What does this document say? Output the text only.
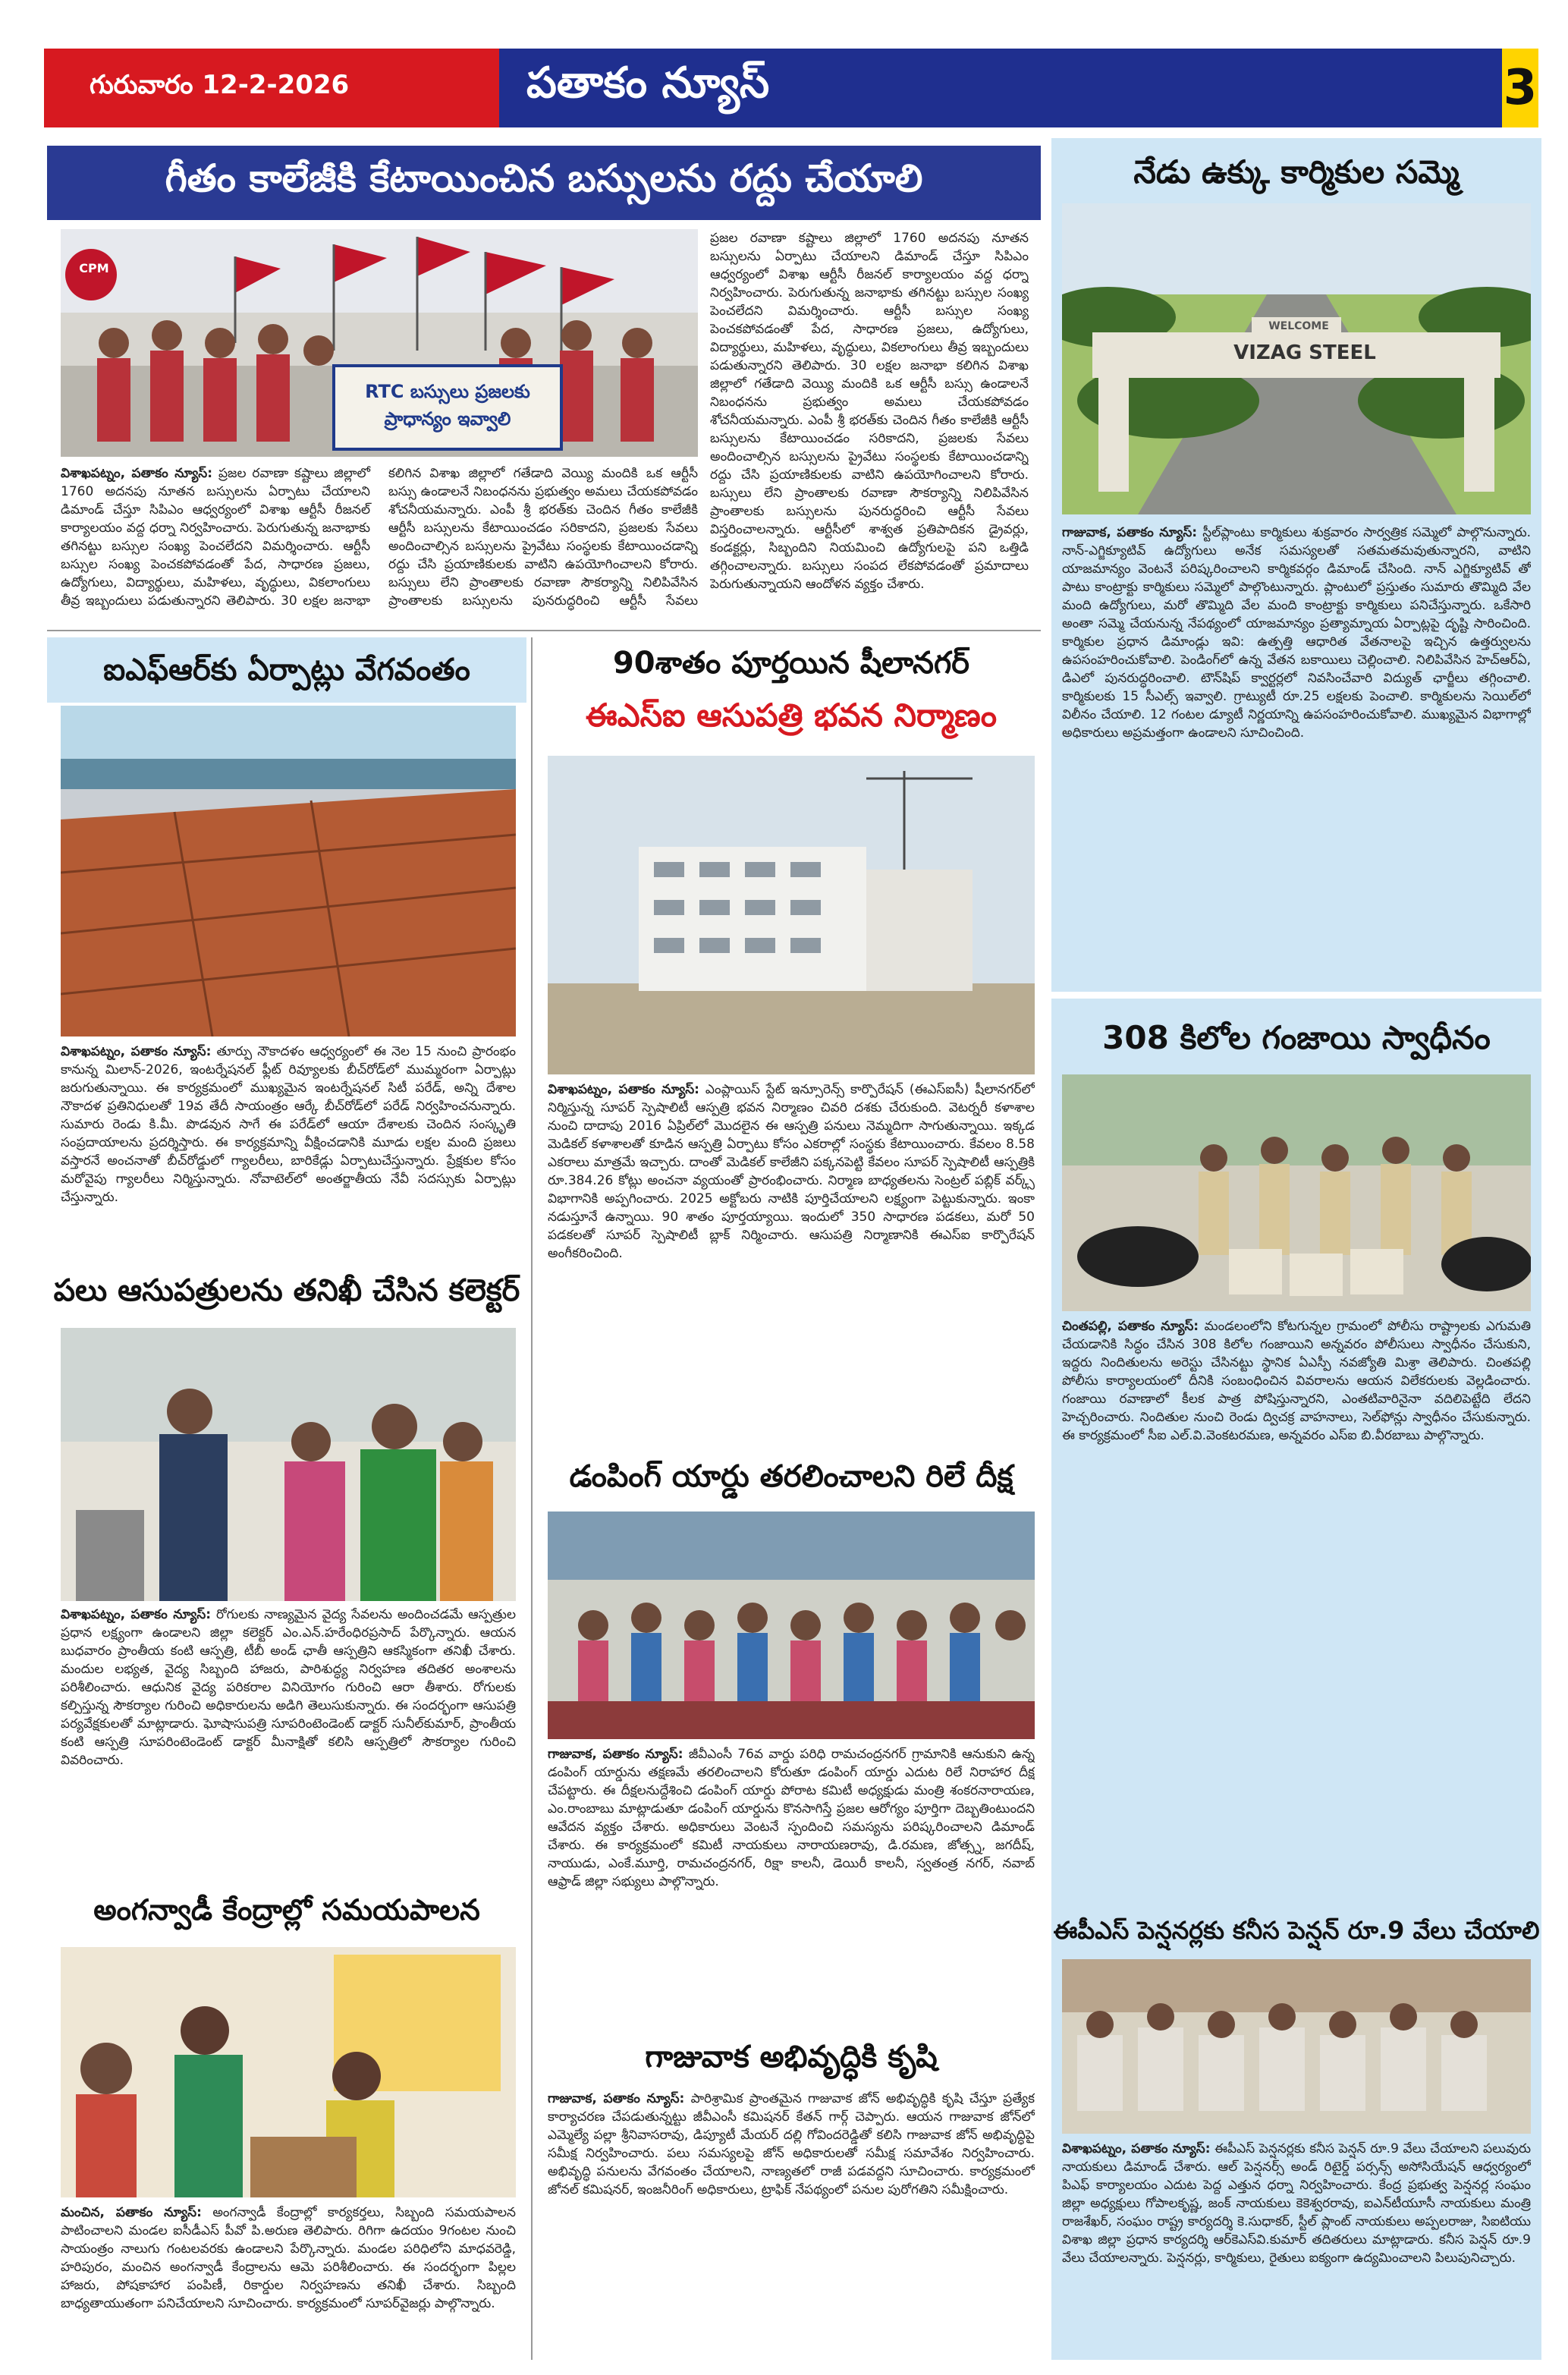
గురువారం 12-2-2026	పతాకం న్యూస్	3
గీతం కాలేజీకి కేటాయించిన బస్సులను రద్దు చేయాలి
CPM
RTC బస్సులు ప్రజలకు ప్రాధాన్యం ఇవ్వాలి
విశాఖపట్నం, పతాకం న్యూస్: ప్రజల రవాణా కష్టాలు జిల్లాలో 1760 అదనపు నూతన బస్సులను ఏర్పాటు చేయాలని డిమాండ్ చేస్తూ సిపిఎం ఆధ్వర్యంలో విశాఖ ఆర్టీసీ రీజనల్ కార్యాలయం వద్ద ధర్నా నిర్వహించారు. పెరుగుతున్న జనాభాకు తగినట్టు బస్సుల సంఖ్య పెంచలేదని విమర్శించారు. ఆర్టీసీ బస్సుల సంఖ్య పెంచకపోవడంతో పేద, సాధారణ ప్రజలు, ఉద్యోగులు, విద్యార్థులు, మహిళలు, వృద్ధులు, వికలాంగులు తీవ్ర ఇబ్బందులు పడుతున్నారని తెలిపారు. 30 లక్షల జనాభా కలిగిన విశాఖ జిల్లాలో గతేడాది వెయ్యి మందికి ఒక ఆర్టీసీ బస్సు ఉండాలనే నిబంధనను ప్రభుత్వం అమలు చేయకపోవడం శోచనీయమన్నారు. ఎంపీ శ్రీ భరత్‌కు చెందిన గీతం కాలేజీకి ఆర్టీసీ బస్సులను కేటాయించడం సరికాదని, ప్రజలకు సేవలు అందించాల్సిన బస్సులను ప్రైవేటు సంస్థలకు కేటాయించడాన్ని రద్దు చేసి ప్రయాణికులకు వాటిని ఉపయోగించాలని కోరారు. బస్సులు లేని ప్రాంతాలకు రవాణా సౌకర్యాన్ని నిలిపివేసిన ప్రాంతాలకు బస్సులను పునరుద్ధరించి ఆర్టీసీ సేవలు
ప్రజల రవాణా కష్టాలు జిల్లాలో 1760 అదనపు నూతన బస్సులను ఏర్పాటు చేయాలని డిమాండ్ చేస్తూ సిపిఎం ఆధ్వర్యంలో విశాఖ ఆర్టీసీ రీజనల్ కార్యాలయం వద్ద ధర్నా నిర్వహించారు. పెరుగుతున్న జనాభాకు తగినట్టు బస్సుల సంఖ్య పెంచలేదని విమర్శించారు. ఆర్టీసీ బస్సుల సంఖ్య పెంచకపోవడంతో పేద, సాధారణ ప్రజలు, ఉద్యోగులు, విద్యార్థులు, మహిళలు, వృద్ధులు, వికలాంగులు తీవ్ర ఇబ్బందులు పడుతున్నారని తెలిపారు. 30 లక్షల జనాభా కలిగిన విశాఖ జిల్లాలో గతేడాది వెయ్యి మందికి ఒక ఆర్టీసీ బస్సు ఉండాలనే నిబంధనను ప్రభుత్వం అమలు చేయకపోవడం శోచనీయమన్నారు. ఎంపీ శ్రీ భరత్‌కు చెందిన గీతం కాలేజీకి ఆర్టీసీ బస్సులను కేటాయించడం సరికాదని, ప్రజలకు సేవలు అందించాల్సిన బస్సులను ప్రైవేటు సంస్థలకు కేటాయించడాన్ని రద్దు చేసి ప్రయాణికులకు వాటిని ఉపయోగించాలని కోరారు. బస్సులు లేని ప్రాంతాలకు రవాణా సౌకర్యాన్ని నిలిపివేసిన ప్రాంతాలకు బస్సులను పునరుద్ధరించి ఆర్టీసీ సేవలు విస్తరించాలన్నారు. ఆర్టీసీలో శాశ్వత ప్రతిపాదికన డ్రైవర్లు, కండక్టర్లు, సిబ్బందిని నియమించి ఉద్యోగులపై పని ఒత్తిడి తగ్గించాలన్నారు. బస్సులు సంపద లేకపోవడంతో ప్రమాదాలు పెరుగుతున్నాయని ఆందోళన వ్యక్తం చేశారు.
నేడు ఉక్కు కార్మికుల సమ్మె
WELCOME
VIZAG STEEL
గాజువాక, పతాకం న్యూస్: స్టీల్‌ప్లాంటు కార్మికులు శుక్రవారం సార్వత్రిక సమ్మెలో పాల్గొనున్నారు. నాన్-ఎగ్జిక్యూటివ్ ఉద్యోగులు అనేక సమస్యలతో సతమతమవుతున్నారని, వాటిని యాజమాన్యం వెంటనే పరిష్కరించాలని కార్మికవర్గం డిమాండ్ చేసింది. నాన్ ఎగ్జిక్యూటివ్ తో పాటు కాంట్రాక్టు కార్మికులు సమ్మెలో పాల్గొంటున్నారు. ప్లాంటులో ప్రస్తుతం సుమారు తొమ్మిది వేల మంది ఉద్యోగులు, మరో తొమ్మిది వేల మంది కాంట్రాక్టు కార్మికులు పనిచేస్తున్నారు. ఒకేసారి అంతా సమ్మె చేయనున్న నేపథ్యంలో యాజమాన్యం ప్రత్యామ్నాయ ఏర్పాట్లపై దృష్టి సారించింది. కార్మికుల ప్రధాన డిమాండ్లు ఇవి: ఉత్పత్తి ఆధారిత వేతనాలపై ఇచ్చిన ఉత్తర్వులను ఉపసంహరించుకోవాలి. పెండింగ్‌లో ఉన్న వేతన బకాయిలు చెల్లించాలి. నిలిపివేసిన హెచ్‌ఆర్ఏ, డిఎలో పునరుద్ధరించాలి. టౌన్‌షిప్ క్వార్టర్లలో నివసించేవారి విద్యుత్ ఛార్జీలు తగ్గించాలి. కార్మికులకు 15 సీఎల్స్ ఇవ్వాలి. గ్రాట్యుటీ రూ.25 లక్షలకు పెంచాలి. కార్మికులను సెయిల్‌లో విలీనం చేయాలి. 12 గంటల డ్యూటీ నిర్ణయాన్ని ఉపసంహరించుకోవాలి. ముఖ్యమైన విభాగాల్లో అధికారులు అప్రమత్తంగా ఉండాలని సూచించింది.
ఐఎఫ్ఆర్‌కు ఏర్పాట్లు వేగవంతం
విశాఖపట్నం, పతాకం న్యూస్: తూర్పు నౌకాదళం ఆధ్వర్యంలో ఈ నెల 15 నుంచి ప్రారంభం కానున్న మిలాన్-2026, ఇంటర్నేషనల్ ఫ్లీట్ రివ్యూలకు బీచ్‌రోడ్‌లో ముమ్మరంగా ఏర్పాట్లు జరుగుతున్నాయి. ఈ కార్యక్రమంలో ముఖ్యమైన ఇంటర్నేషనల్ సిటీ పరేడ్, అన్ని దేశాల నౌకాదళ ప్రతినిధులతో 19వ తేదీ సాయంత్రం ఆర్కే బీచ్‌రోడ్‌లో పరేడ్ నిర్వహించనున్నారు. సుమారు రెండు కి.మీ. పొడవున సాగే ఈ పరేడ్‌లో ఆయా దేశాలకు చెందిన సంస్కృతి సంప్రదాయాలను ప్రదర్శిస్తారు. ఈ కార్యక్రమాన్ని వీక్షించడానికి మూడు లక్షల మంది ప్రజలు వస్తారనే అంచనాతో బీచ్‌రోడ్డులో గ్యాలరీలు, బారికేడ్లు ఏర్పాటుచేస్తున్నారు. ప్రేక్షకుల కోసం మరోవైపు గ్యాలరీలు నిర్మిస్తున్నారు. నోవాటెల్‌లో అంతర్జాతీయ నేవీ సదస్సుకు ఏర్పాట్లు చేస్తున్నారు.
పలు ఆసుపత్రులను తనిఖీ చేసిన కలెక్టర్
విశాఖపట్నం, పతాకం న్యూస్: రోగులకు నాణ్యమైన వైద్య సేవలను అందించడమే ఆస్పత్రుల ప్రధాన లక్ష్యంగా ఉండాలని జిల్లా కలెక్టర్ ఎం.ఎన్.హరేంధిరప్రసాద్ పేర్కొన్నారు. ఆయన బుధవారం ప్రాంతీయ కంటి ఆస్పత్రి, టీబీ అండ్ ఛాతీ ఆస్పత్రిని ఆకస్మికంగా తనిఖీ చేశారు. మందుల లభ్యత, వైద్య సిబ్బంది హాజరు, పారిశుద్ధ్య నిర్వహణ తదితర అంశాలను పరిశీలించారు. ఆధునిక వైద్య పరికరాల వినియోగం గురించి ఆరా తీశారు. రోగులకు కల్పిస్తున్న సౌకర్యాల గురించి అధికారులను అడిగి తెలుసుకున్నారు. ఈ సందర్భంగా ఆసుపత్రి పర్యవేక్షకులతో మాట్లాడారు. ఘోషాసుపత్రి సూపరింటెండెంట్ డాక్టర్ సునీల్‌కుమార్, ప్రాంతీయ కంటి ఆస్పత్రి సూపరింటెండెంట్ డాక్టర్ మీనాక్షితో కలిసి ఆస్పత్రిలో సౌకర్యాల గురించి వివరించారు.
అంగన్వాడీ కేంద్రాల్లో సమయపాలన
మంచిన, పతాకం న్యూస్: అంగన్వాడీ కేంద్రాల్లో కార్యకర్తలు, సిబ్బంది సమయపాలన పాటించాలని మండల ఐసీడీఎస్ పీవో పి.అరుణ తెలిపారు. రిగిగా ఉదయం 9గంటల నుంచి సాయంత్రం నాలుగు గంటలవరకు ఉండాలని పేర్కొన్నారు. మండల పరిధిలోని మాధవరెడ్డి, హరిపురం, మంచిన అంగన్వాడీ కేంద్రాలను ఆమె పరిశీలించారు. ఈ సందర్భంగా పిల్లల హాజరు, పోషకాహార పంపిణీ, రికార్డుల నిర్వహణను తనిఖీ చేశారు. సిబ్బంది బాధ్యతాయుతంగా పనిచేయాలని సూచించారు. కార్యక్రమంలో సూపర్‌వైజర్లు పాల్గొన్నారు.
90శాతం పూర్తయిన షీలానగర్
ఈఎస్ఐ ఆసుపత్రి భవన నిర్మాణం
విశాఖపట్నం, పతాకం న్యూస్: ఎంప్లాయిస్ స్టేట్ ఇన్సూరెన్స్ కార్పొరేషన్ (ఈఎస్ఐసీ) షీలానగర్‌లో నిర్మిస్తున్న సూపర్ స్పెషాలిటీ ఆస్పత్రి భవన నిర్మాణం చివరి దశకు చేరుకుంది. వెటర్నరీ కళాశాల నుంచి దాదాపు 2016 ఏప్రిల్‌లో మొదలైన ఈ ఆస్పత్రి పనులు నెమ్మదిగా సాగుతున్నాయి. ఇక్కడ మెడికల్ కళాశాలతో కూడిన ఆస్పత్రి ఏర్పాటు కోసం ఎకరాల్లో సంస్థకు కేటాయించారు. కేవలం 8.58 ఎకరాలు మాత్రమే ఇచ్చారు. దాంతో మెడికల్ కాలేజీని పక్కనపెట్టి కేవలం సూపర్ స్పెషాలిటీ ఆస్పత్రికి రూ.384.26 కోట్లు అంచనా వ్యయంతో ప్రారంభించారు. నిర్మాణ బాధ్యతలను సెంట్రల్ పబ్లిక్ వర్క్స్ విభాగానికి అప్పగించారు. 2025 అక్టోబరు నాటికి పూర్తిచేయాలని లక్ష్యంగా పెట్టుకున్నారు. ఇంకా నడుస్తూనే ఉన్నాయి. 90 శాతం పూర్తయ్యాయి. ఇందులో 350 సాధారణ పడకలు, మరో 50 పడకలతో సూపర్ స్పెషాలిటీ బ్లాక్ నిర్మించారు. ఆసుపత్రి నిర్మాణానికి ఈఎస్ఐ కార్పొరేషన్ అంగీకరించింది.
డంపింగ్ యార్డు తరలించాలని రిలే దీక్ష
గాజువాక, పతాకం న్యూస్: జీవీఎంసీ 76వ వార్డు పరిధి రామచంద్రనగర్ గ్రామానికి ఆనుకుని ఉన్న డంపింగ్ యార్డును తక్షణమే తరలించాలని కోరుతూ డంపింగ్ యార్డు ఎదుట రిలే నిరాహార దీక్ష చేపట్టారు. ఈ దీక్షలనుద్దేశించి డంపింగ్ యార్డు పోరాట కమిటీ అధ్యక్షుడు మంత్రి శంకరనారాయణ, ఎం.రాంబాబు మాట్లాడుతూ డంపింగ్ యార్డును కొనసాగిస్తే ప్రజల ఆరోగ్యం పూర్తిగా దెబ్బతింటుందని ఆవేదన వ్యక్తం చేశారు. అధికారులు వెంటనే స్పందించి సమస్యను పరిష్కరించాలని డిమాండ్ చేశారు. ఈ కార్యక్రమంలో కమిటీ నాయకులు నారాయణరావు, డి.రమణ, జోత్స్న, జగదీష్, నాయుడు, ఎంకే.మూర్తి, రామచంద్రనగర్, రిక్షా కాలనీ, డెయిరీ కాలనీ, స్వతంత్ర నగర్, నవాబ్ ఆఫ్రాడ్ జిల్లా సభ్యులు పాల్గొన్నారు.
గాజువాక అభివృద్ధికి కృషి
గాజువాక, పతాకం న్యూస్: పారిశ్రామిక ప్రాంతమైన గాజువాక జోన్ అభివృద్ధికి కృషి చేస్తూ ప్రత్యేక కార్యాచరణ చేపడుతున్నట్టు జీవీఎంసీ కమిషనర్ కేతన్ గార్గ్ చెప్పారు. ఆయన గాజువాక జోన్‌లో ఎమ్మెల్యే పల్లా శ్రీనివాసరావు, డిప్యూటీ మేయర్ దల్లి గోవిందరెడ్డితో కలిసి గాజువాక జోన్ అభివృద్ధిపై సమీక్ష నిర్వహించారు. పలు సమస్యలపై జోన్ అధికారులతో సమీక్ష సమావేశం నిర్వహించారు. అభివృద్ధి పనులను వేగవంతం చేయాలని, నాణ్యతలో రాజీ పడవద్దని సూచించారు. కార్యక్రమంలో జోనల్ కమిషనర్, ఇంజనీరింగ్ అధికారులు, ట్రాఫిక్ నేపథ్యంలో పనుల పురోగతిని సమీక్షించారు.
308 కిలోల గంజాయి స్వాధీనం
చింతపల్లి, పతాకం న్యూస్: మండలంలోని కోటగున్నల గ్రామంలో పోలీసు రాష్ట్రాలకు ఎగుమతి చేయడానికి సిద్ధం చేసిన 308 కిలోల గంజాయిని అన్నవరం పోలీసులు స్వాధీనం చేసుకుని, ఇద్దరు నిందితులను అరెస్టు చేసినట్టు స్థానిక ఏఎస్పీ నవజ్యోతి మిశ్రా తెలిపారు. చింతపల్లి పోలీసు కార్యాలయంలో దీనికి సంబంధించిన వివరాలను ఆయన విలేకరులకు వెల్లడించారు. గంజాయి రవాణాలో కీలక పాత్ర పోషిస్తున్నారని, ఎంతటివారినైనా వదిలిపెట్టేది లేదని హెచ్చరించారు. నిందితుల నుంచి రెండు ద్విచక్ర వాహనాలు, సెల్‌ఫోన్లు స్వాధీనం చేసుకున్నారు. ఈ కార్యక్రమంలో సీఐ ఎల్.వి.వెంకటరమణ, అన్నవరం ఎస్ఐ బి.వీరబాబు పాల్గొన్నారు.
ఈపీఎస్ పెన్షనర్లకు కనీస పెన్షన్ రూ.9 వేలు చేయాలి
విశాఖపట్నం, పతాకం న్యూస్: ఈపీఎస్ పెన్షనర్లకు కనీస పెన్షన్ రూ.9 వేలు చేయాలని పలువురు నాయకులు డిమాండ్ చేశారు. ఆల్ పెన్షనర్స్ అండ్ రిటైర్డ్ పర్సన్స్ అసోసియేషన్ ఆధ్వర్యంలో పిఎఫ్ కార్యాలయం ఎదుట పెద్ద ఎత్తున ధర్నా నిర్వహించారు. కేంద్ర ప్రభుత్వ పెన్షనర్ల సంఘం జిల్లా అధ్యక్షులు గోపాలకృష్ణ, జంక్ నాయకులు కెకెశ్వరరావు, ఐఎన్‌టీయూసీ నాయకులు మంత్రి రాజశేఖర్, సంఘం రాష్ట్ర కార్యదర్శి కె.సుధాకర్, స్టీల్ ప్లాంట్ నాయకులు అప్పలరాజు, సిఐటియు విశాఖ జిల్లా ప్రధాన కార్యదర్శి ఆర్‌కెఎస్‌వి.కుమార్ తదితరులు మాట్లాడారు. కనీస పెన్షన్ రూ.9 వేలు చేయాలన్నారు. పెన్షనర్లు, కార్మికులు, రైతులు ఐక్యంగా ఉద్యమించాలని పిలుపునిచ్చారు.
